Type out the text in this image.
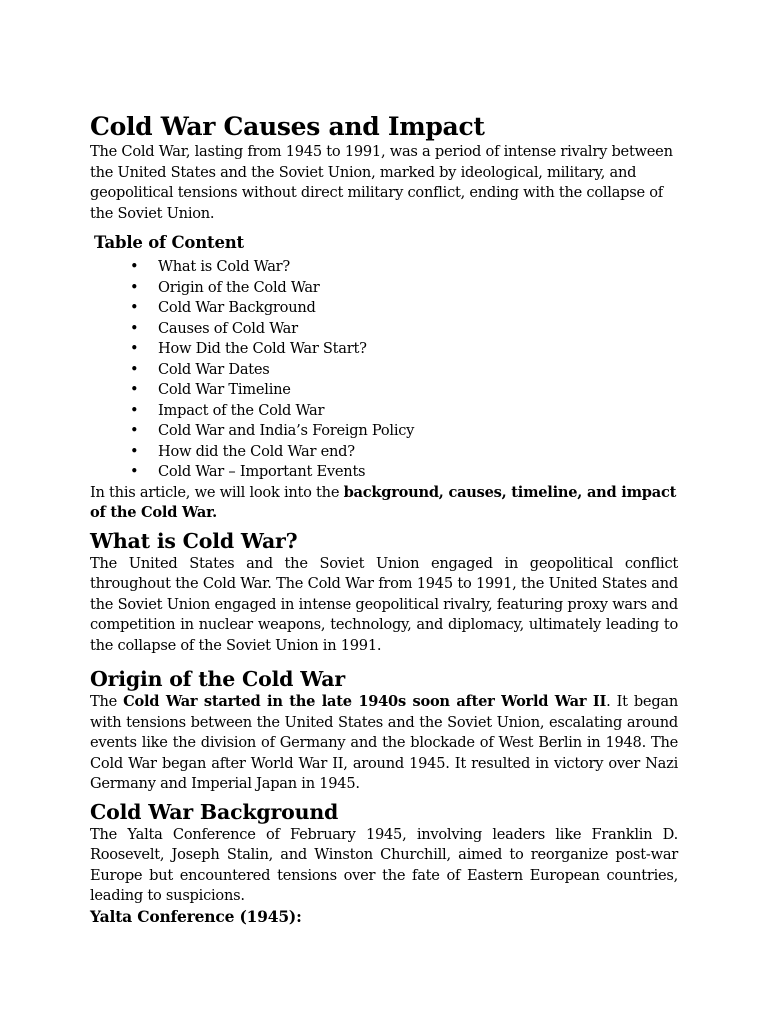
Cold War Causes and Impact

The Cold War, lasting from 1945 to 1991, was a period of intense rivalry between the United States and the Soviet Union, marked by ideological, military, and geopolitical tensions without direct military conflict, ending with the collapse of the Soviet Union.

Table of Content
• What is Cold War?
• Origin of the Cold War
• Cold War Background
• Causes of Cold War
• How Did the Cold War Start?
• Cold War Dates
• Cold War Timeline
• Impact of the Cold War
• Cold War and India’s Foreign Policy
• How did the Cold War end?
• Cold War – Important Events

In this article, we will look into the background, causes, timeline, and impact of the Cold War.

What is Cold War?

The United States and the Soviet Union engaged in geopolitical conflict throughout the Cold War. The Cold War from 1945 to 1991, the United States and the Soviet Union engaged in intense geopolitical rivalry, featuring proxy wars and competition in nuclear weapons, technology, and diplomacy, ultimately leading to the collapse of the Soviet Union in 1991.

Origin of the Cold War

The Cold War started in the late 1940s soon after World War II. It began with tensions between the United States and the Soviet Union, escalating around events like the division of Germany and the blockade of West Berlin in 1948. The Cold War began after World War II, around 1945. It resulted in victory over Nazi Germany and Imperial Japan in 1945.

Cold War Background

The Yalta Conference of February 1945, involving leaders like Franklin D. Roosevelt, Joseph Stalin, and Winston Churchill, aimed to reorganize post-war Europe but encountered tensions over the fate of Eastern European countries, leading to suspicions.

Yalta Conference (1945):
